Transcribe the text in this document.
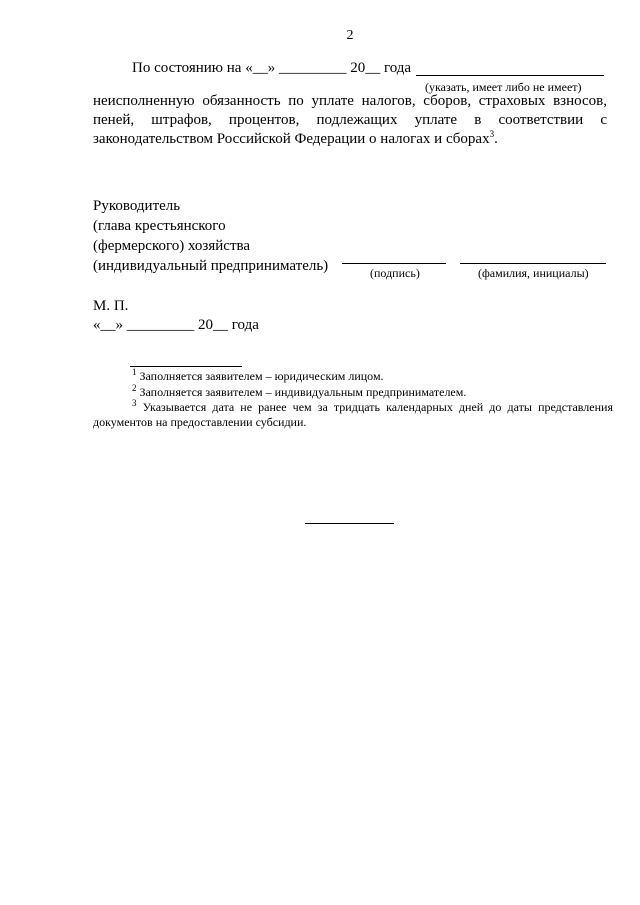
2
По состоянию на «__» _________ 20__ года
(указать, имеет либо не имеет)
неисполненную обязанность по уплате налогов, сборов, страховых взносов,
пеней, штрафов, процентов, подлежащих уплате в соответствии с
законодательством Российской Федерации о налогах и сборах$^3$.
Руководитель
(глава крестьянского
(фермерского) хозяйства
(индивидуальный предприниматель)	(подпись)	(фамилия, инициалы)
М. П.
«__» _________ 20__ года
$^1$ Заполняется заявителем – юридическим лицом.
$^2$ Заполняется заявителем – индивидуальным предпринимателем.
$^3$ Указывается дата не ранее чем за тридцать календарных дней до даты представления
документов на предоставлении субсидии.
